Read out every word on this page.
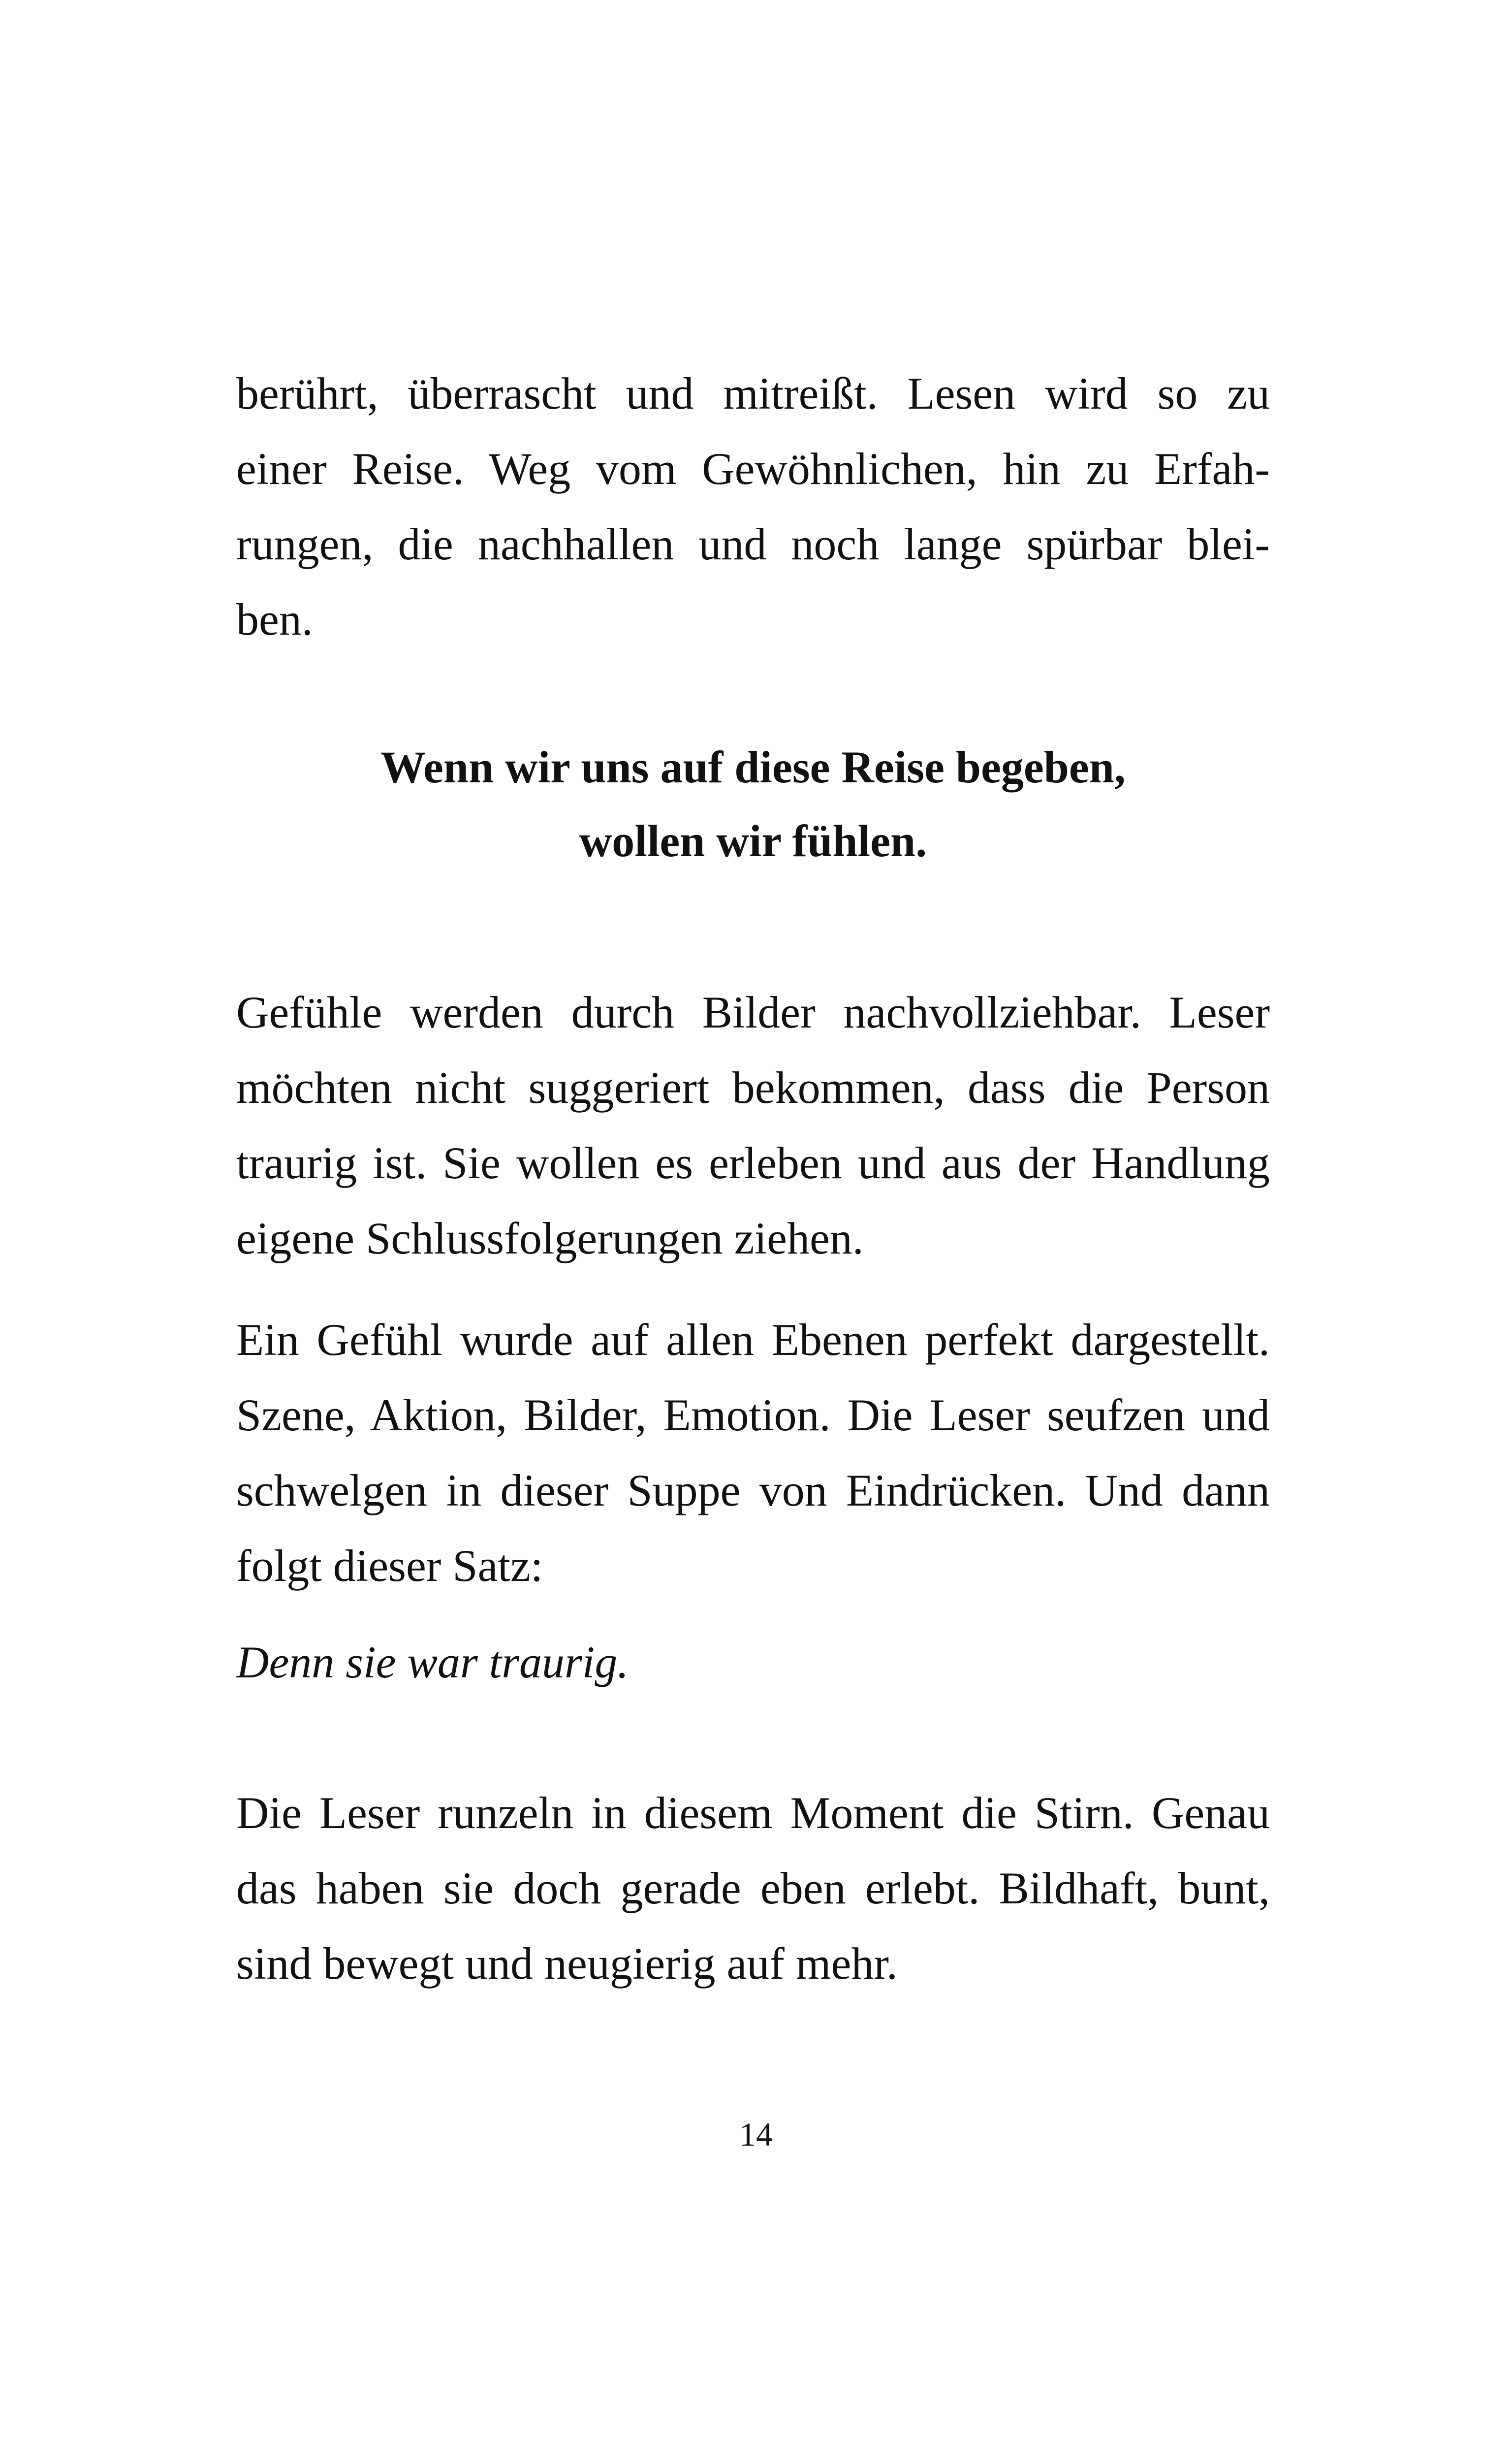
berührt, überrascht und mitreißt. Lesen wird so zu
einer Reise. Weg vom Gewöhnlichen, hin zu Erfah-
rungen, die nachhallen und noch lange spürbar blei-
ben.

Wenn wir uns auf diese Reise begeben,
wollen wir fühlen.

Gefühle werden durch Bilder nachvollziehbar. Leser
möchten nicht suggeriert bekommen, dass die Person
traurig ist. Sie wollen es erleben und aus der Handlung
eigene Schlussfolgerungen ziehen.

Ein Gefühl wurde auf allen Ebenen perfekt dargestellt.
Szene, Aktion, Bilder, Emotion. Die Leser seufzen und
schwelgen in dieser Suppe von Eindrücken. Und dann
folgt dieser Satz:

Denn sie war traurig.

Die Leser runzeln in diesem Moment die Stirn. Genau
das haben sie doch gerade eben erlebt. Bildhaft, bunt,
sind bewegt und neugierig auf mehr.

14
